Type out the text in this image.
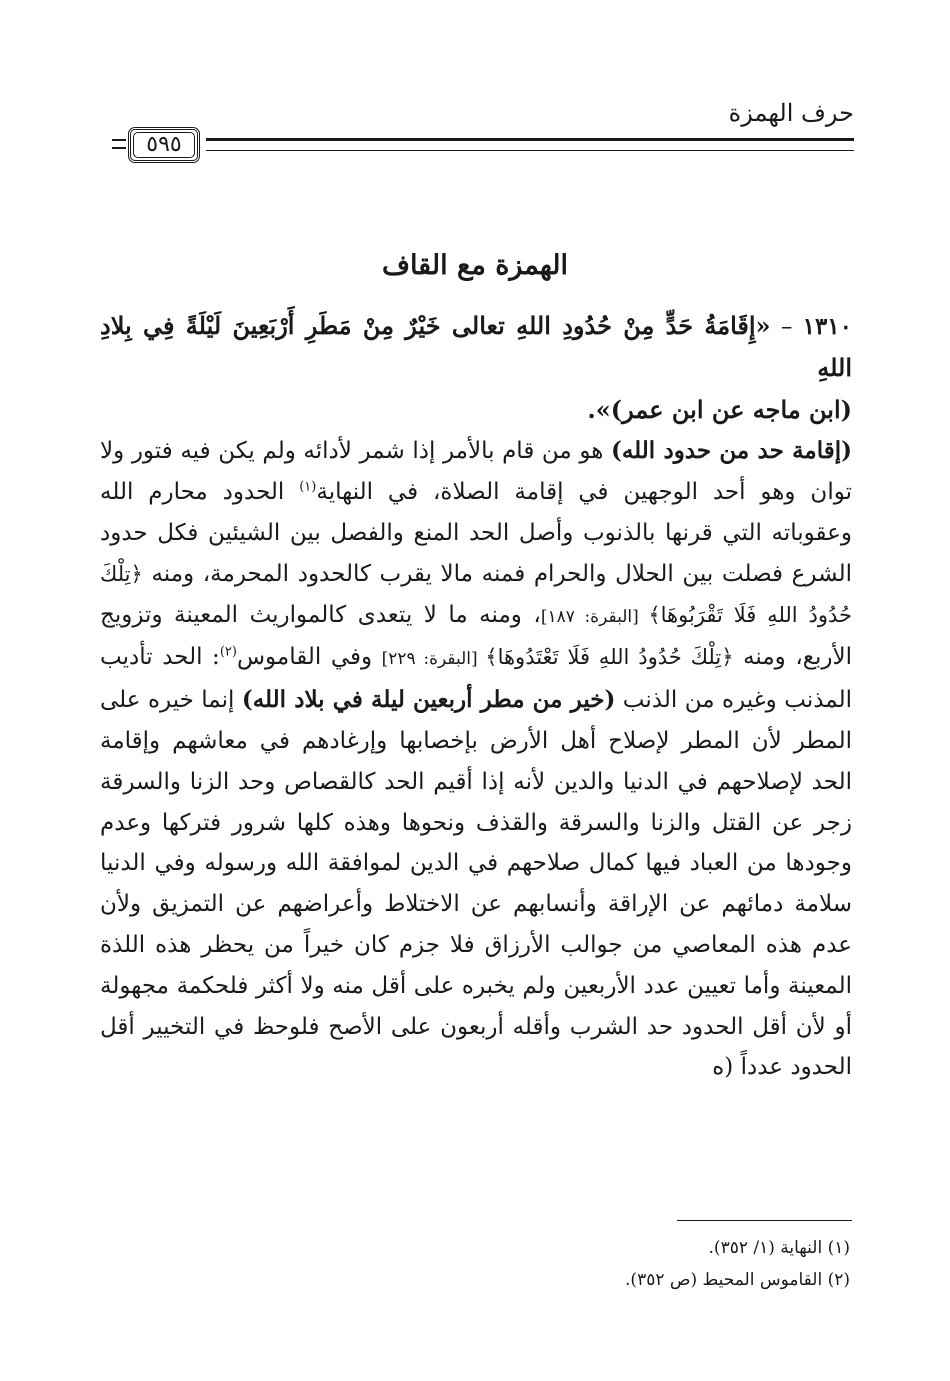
حرف الهمزة
٥٩٥
الهمزة مع القاف

١٣١٠ – «إِقَامَةُ حَدٍّ مِنْ حُدُودِ اللهِ تعالى خَيْرٌ مِنْ مَطَرِ أَرْبَعِينَ لَيْلَةً فِي بِلادِ اللهِ
(ابن ماجه عن ابن عمر)».

(إقامة حد من حدود الله) هو من قام بالأمر إذا شمر لأدائه ولم يكن فيه فتور ولا توان وهو أحد الوجهين في إقامة الصلاة، في النهاية$^{(١)}$ الحدود محارم الله وعقوباته التي قرنها بالذنوب وأصل الحد المنع والفصل بين الشيئين فكل حدود الشرع فصلت بين الحلال والحرام فمنه مالا يقرب كالحدود المحرمة، ومنه ﴿تِلْكَ حُدُودُ اللهِ فَلَا تَقْرَبُوهَا﴾ [البقرة: ١٨٧]، ومنه ما لا يتعدى كالمواريث المعينة وتزويج الأربع، ومنه ﴿تِلْكَ حُدُودُ اللهِ فَلَا تَعْتَدُوهَا﴾ [البقرة: ٢٢٩] وفي القاموس$^{(٢)}$: الحد تأديب المذنب وغيره من الذنب (خير من مطر أربعين ليلة في بلاد الله) إنما خيره على المطر لأن المطر لإصلاح أهل الأرض بإخصابها وإرغادهم في معاشهم وإقامة الحد لإصلاحهم في الدنيا والدين لأنه إذا أقيم الحد كالقصاص وحد الزنا والسرقة زجر عن القتل والزنا والسرقة والقذف ونحوها وهذه كلها شرور فتركها وعدم وجودها من العباد فيها كمال صلاحهم في الدين لموافقة الله ورسوله وفي الدنيا سلامة دمائهم عن الإراقة وأنسابهم عن الاختلاط وأعراضهم عن التمزيق ولأن عدم هذه المعاصي من جوالب الأرزاق فلا جزم كان خيراً من يحظر هذه اللذة المعينة وأما تعيين عدد الأربعين ولم يخبره على أقل منه ولا أكثر فلحكمة مجهولة أو لأن أقل الحدود حد الشرب وأقله أربعون على الأصح فلوحظ في التخيير أقل الحدود عدداً (ه

(١) النهاية (١/ ٣٥٢).
(٢) القاموس المحيط (ص ٣٥٢).
